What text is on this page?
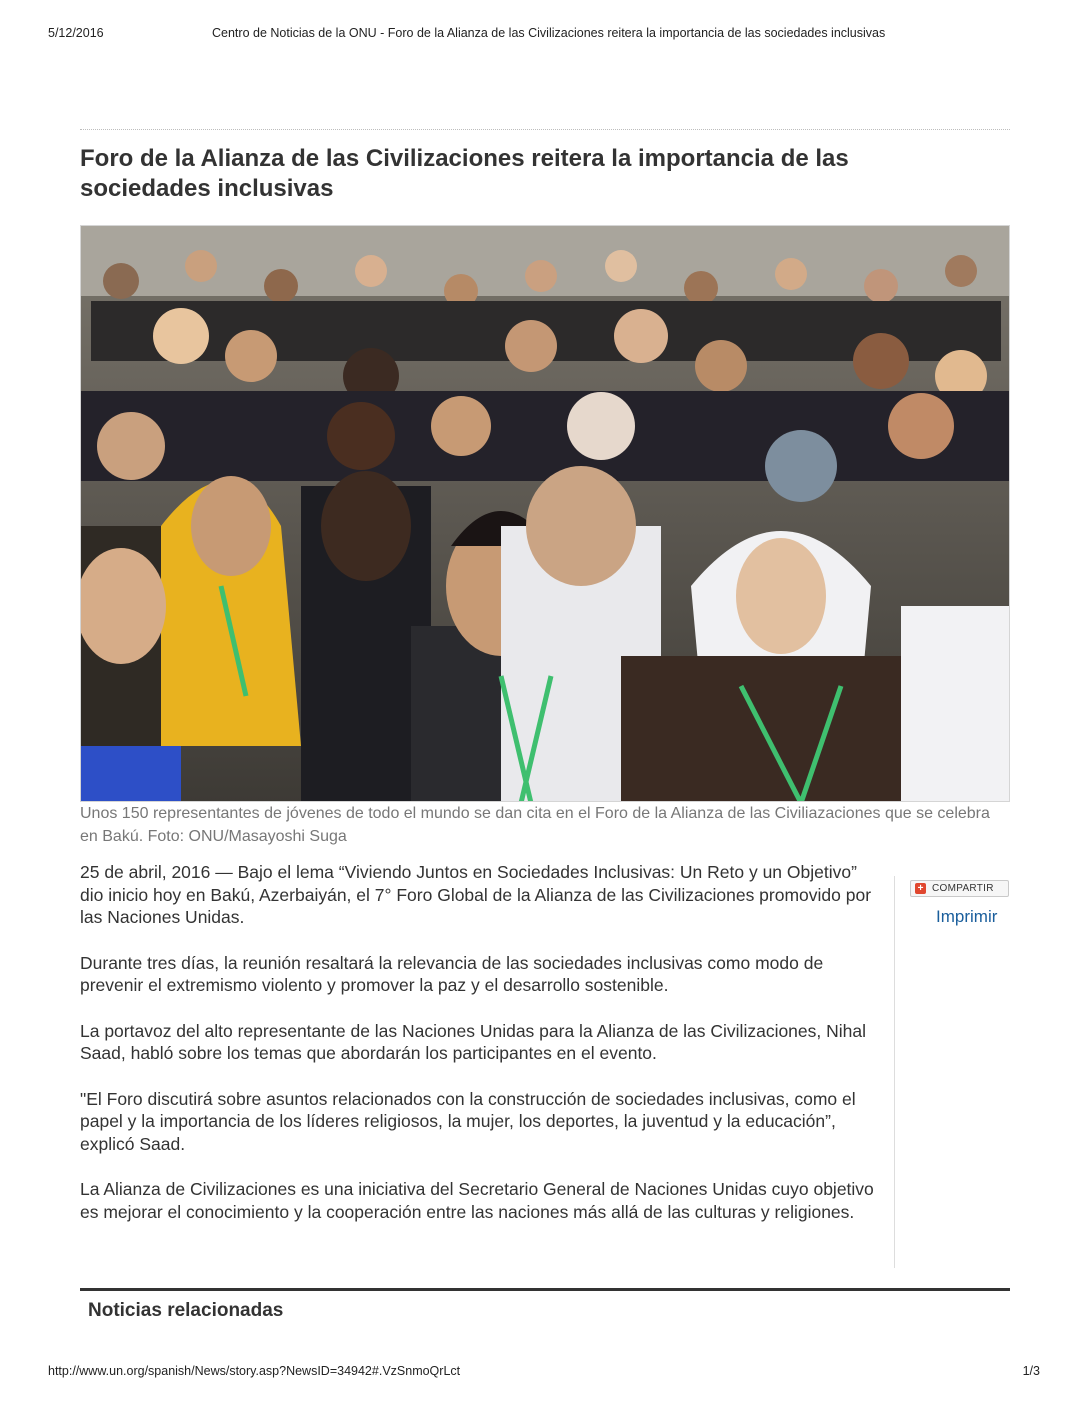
5/12/2016	Centro de Noticias de la ONU - Foro de la Alianza de las Civilizaciones reitera la importancia de las sociedades inclusivas
Foro de la Alianza de las Civilizaciones reitera la importancia de las sociedades inclusivas
Unos 150 representantes de jóvenes de todo el mundo se dan cita en el Foro de la Alianza de las Civiliazaciones que se celebra en Bakú. Foto: ONU/Masayoshi Suga

25 de abril, 2016 — Bajo el lema “Viviendo Juntos en Sociedades Inclusivas: Un Reto y un Objetivo” dio inicio hoy en Bakú, Azerbaiyán, el 7° Foro Global de la Alianza de las Civilizaciones promovido por las Naciones Unidas.

Durante tres días, la reunión resaltará la relevancia de las sociedades inclusivas como modo de prevenir el extremismo violento y promover la paz y el desarrollo sostenible.

La portavoz del alto representante de las Naciones Unidas para la Alianza de las Civilizaciones, Nihal Saad, habló sobre los temas que abordarán los participantes en el evento.

"El Foro discutirá sobre asuntos relacionados con la construcción de sociedades inclusivas, como el papel y la importancia de los líderes religiosos, la mujer, los deportes, la juventud y la educación”, explicó Saad.

La Alianza de Civilizaciones es una iniciativa del Secretario General de Naciones Unidas cuyo objetivo es mejorar el conocimiento y la cooperación entre las naciones más allá de las culturas y religiones.

+ COMPARTIR
Imprimir
Noticias relacionadas
http://www.un.org/spanish/News/story.asp?NewsID=34942#.VzSnmoQrLct	1/3
